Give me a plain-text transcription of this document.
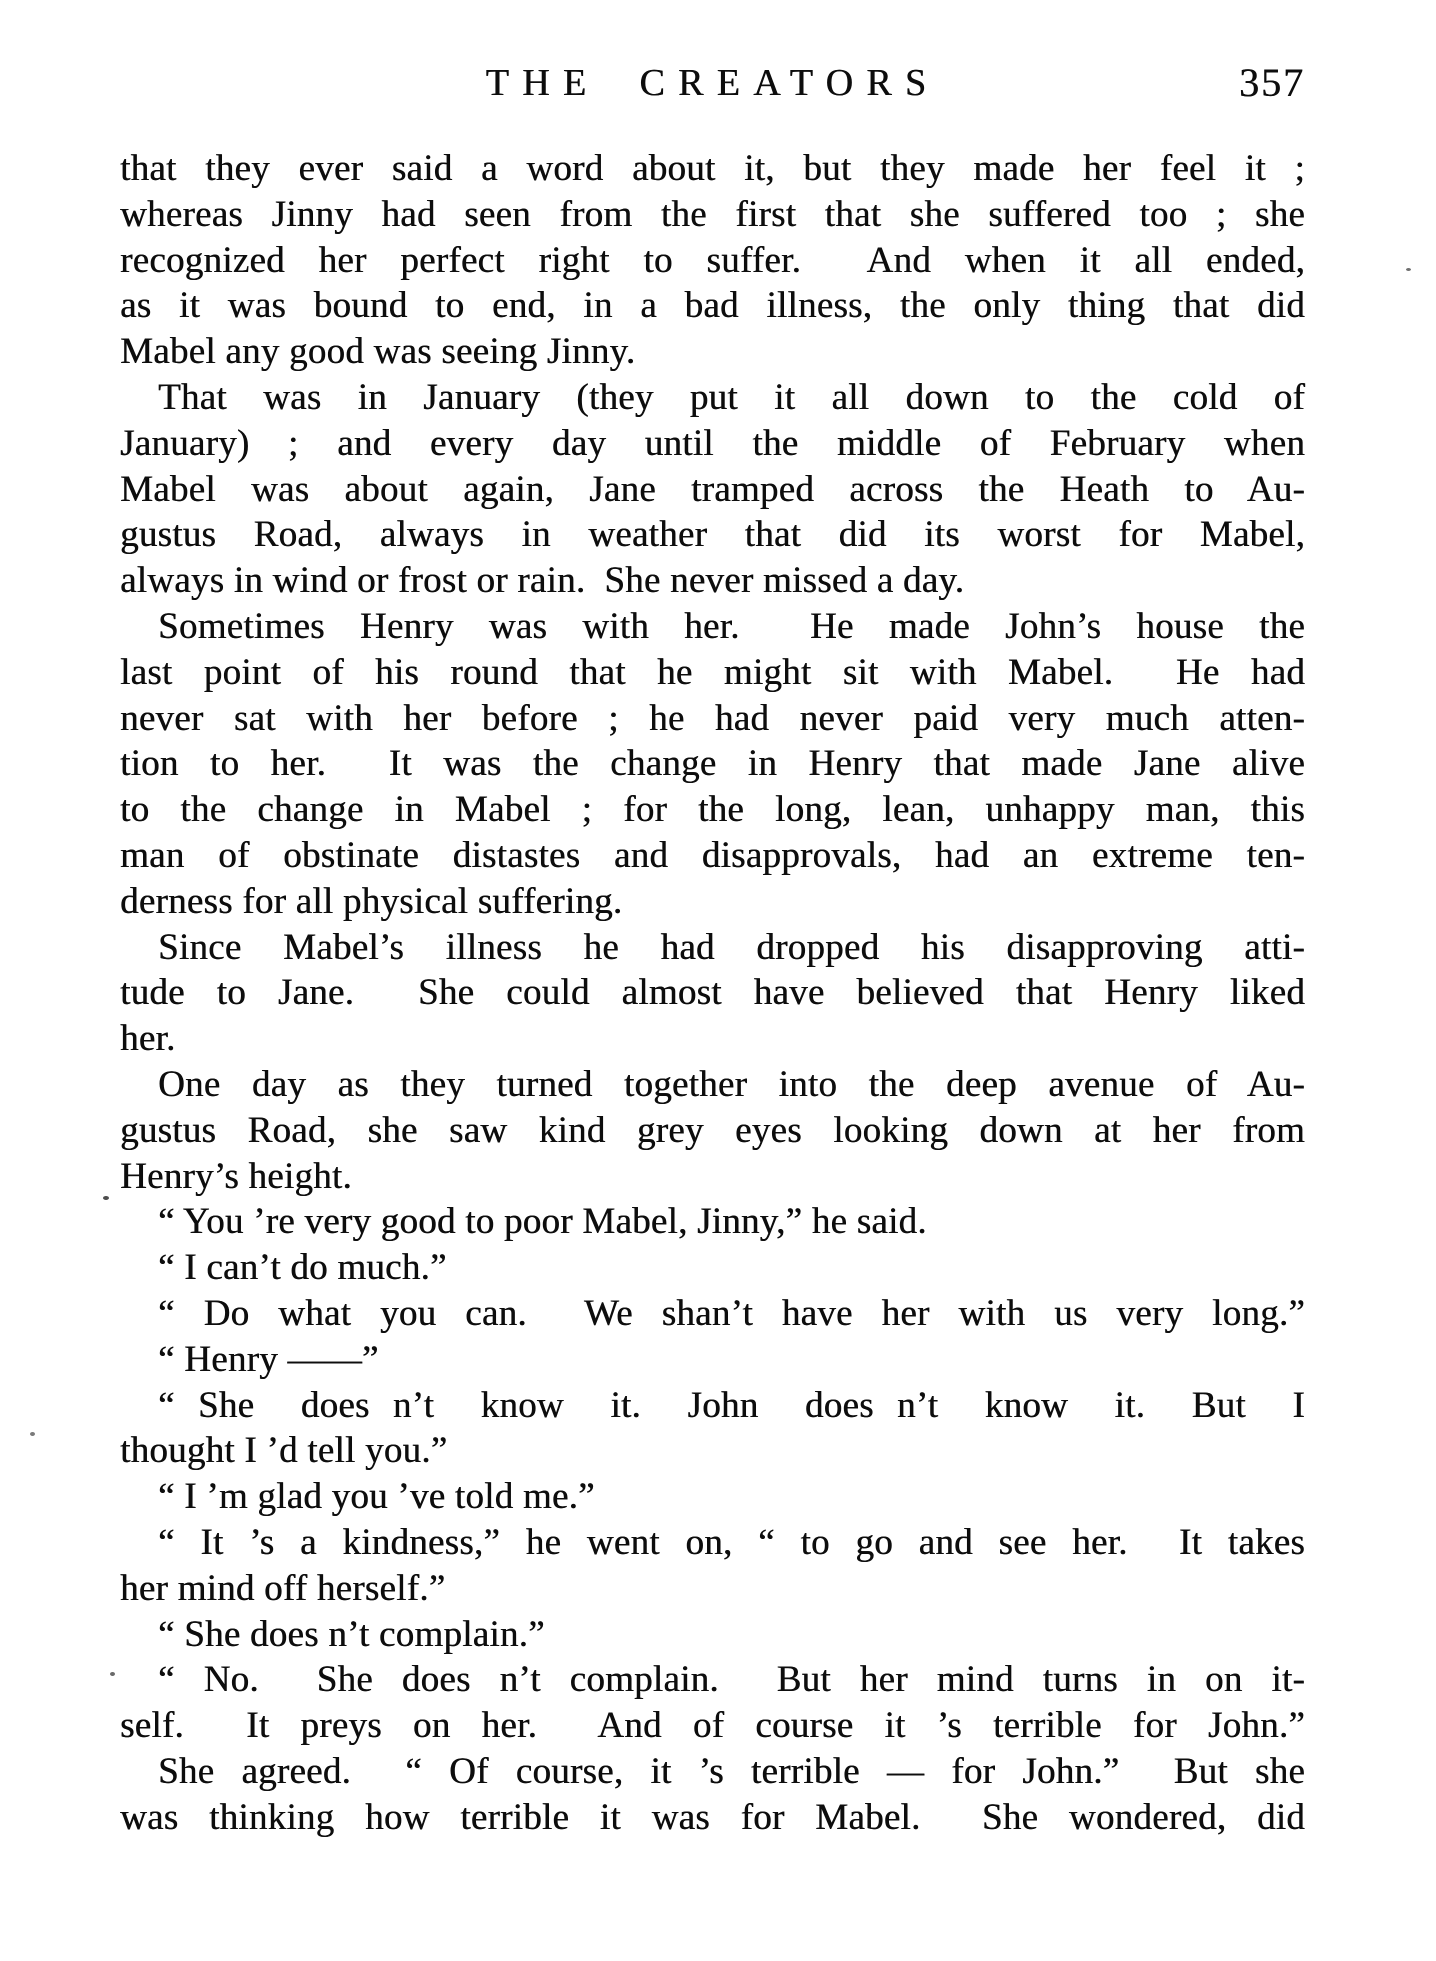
THE CREATORS	357
that they ever said a word about it, but they made her feel it ;
whereas Jinny had seen from the first that she suffered too ; she
recognized her perfect right to suffer.  And when it all ended,
as it was bound to end, in a bad illness, the only thing that did
Mabel any good was seeing Jinny.
That was in January (they put it all down to the cold of
January) ; and every day until the middle of February when
Mabel was about again, Jane tramped across the Heath to Au-
gustus Road, always in weather that did its worst for Mabel,
always in wind or frost or rain.  She never missed a day.
Sometimes Henry was with her.  He made John’s house the
last point of his round that he might sit with Mabel.  He had
never sat with her before ; he had never paid very much atten-
tion to her.  It was the change in Henry that made Jane alive
to the change in Mabel ; for the long, lean, unhappy man, this
man of obstinate distastes and disapprovals, had an extreme ten-
derness for all physical suffering.
Since Mabel’s illness he had dropped his disapproving atti-
tude to Jane.  She could almost have believed that Henry liked
her.
One day as they turned together into the deep avenue of Au-
gustus Road, she saw kind grey eyes looking down at her from
Henry’s height.
“ You ’re very good to poor Mabel, Jinny,” he said.
“ I can’t do much.”
“ Do what you can.  We shan’t have her with us very long.”
“ Henry ——”
“ She  does n’t  know  it.  John  does n’t  know  it.  But  I
thought I ’d tell you.”
“ I ’m glad you ’ve told me.”
“ It ’s a kindness,” he went on, “ to go and see her.  It takes
her mind off herself.”
“ She does n’t complain.”
“ No.  She does n’t complain.  But her mind turns in on it-
self.  It preys on her.  And of course it ’s terrible for John.”
She agreed.  “ Of course, it ’s terrible — for John.”  But she
was thinking how terrible it was for Mabel.  She wondered, did
